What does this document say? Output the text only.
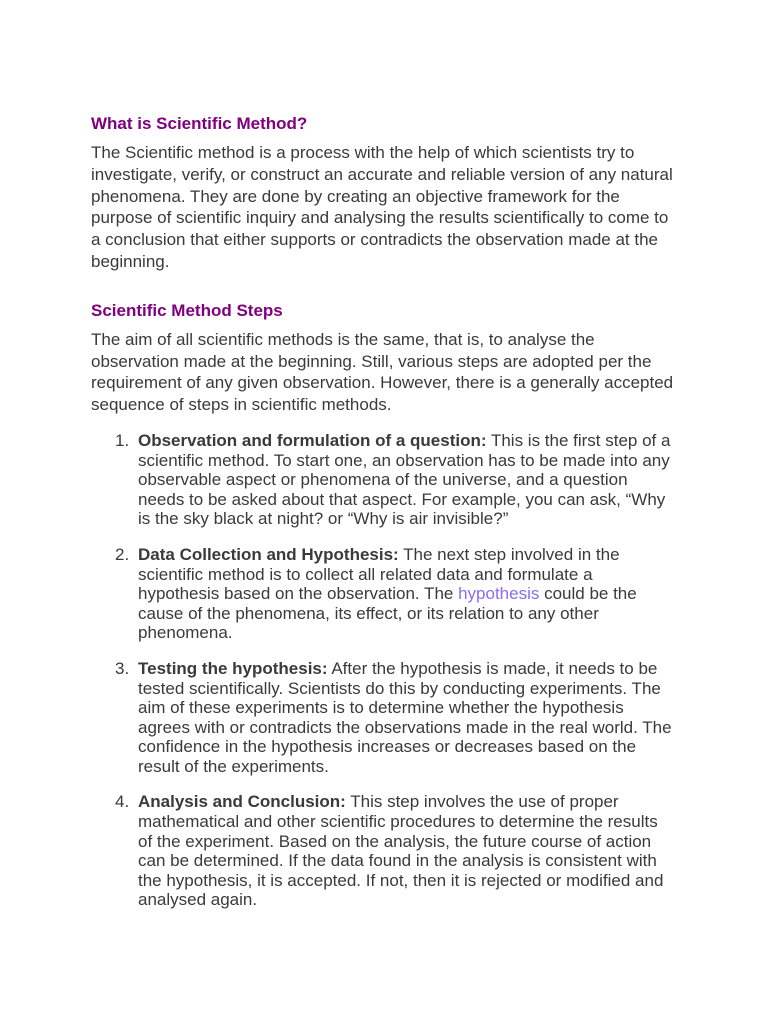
What is Scientific Method?

The Scientific method is a process with the help of which scientists try to investigate, verify, or construct an accurate and reliable version of any natural phenomena. They are done by creating an objective framework for the purpose of scientific inquiry and analysing the results scientifically to come to a conclusion that either supports or contradicts the observation made at the beginning.

Scientific Method Steps

The aim of all scientific methods is the same, that is, to analyse the observation made at the beginning. Still, various steps are adopted per the requirement of any given observation. However, there is a generally accepted sequence of steps in scientific methods.

1. Observation and formulation of a question: This is the first step of a scientific method. To start one, an observation has to be made into any observable aspect or phenomena of the universe, and a question needs to be asked about that aspect. For example, you can ask, “Why is the sky black at night? or “Why is air invisible?”
2. Data Collection and Hypothesis: The next step involved in the scientific method is to collect all related data and formulate a hypothesis based on the observation. The hypothesis could be the cause of the phenomena, its effect, or its relation to any other phenomena.
3. Testing the hypothesis: After the hypothesis is made, it needs to be tested scientifically. Scientists do this by conducting experiments. The aim of these experiments is to determine whether the hypothesis agrees with or contradicts the observations made in the real world. The confidence in the hypothesis increases or decreases based on the result of the experiments.
4. Analysis and Conclusion: This step involves the use of proper mathematical and other scientific procedures to determine the results of the experiment. Based on the analysis, the future course of action can be determined. If the data found in the analysis is consistent with the hypothesis, it is accepted. If not, then it is rejected or modified and analysed again.
